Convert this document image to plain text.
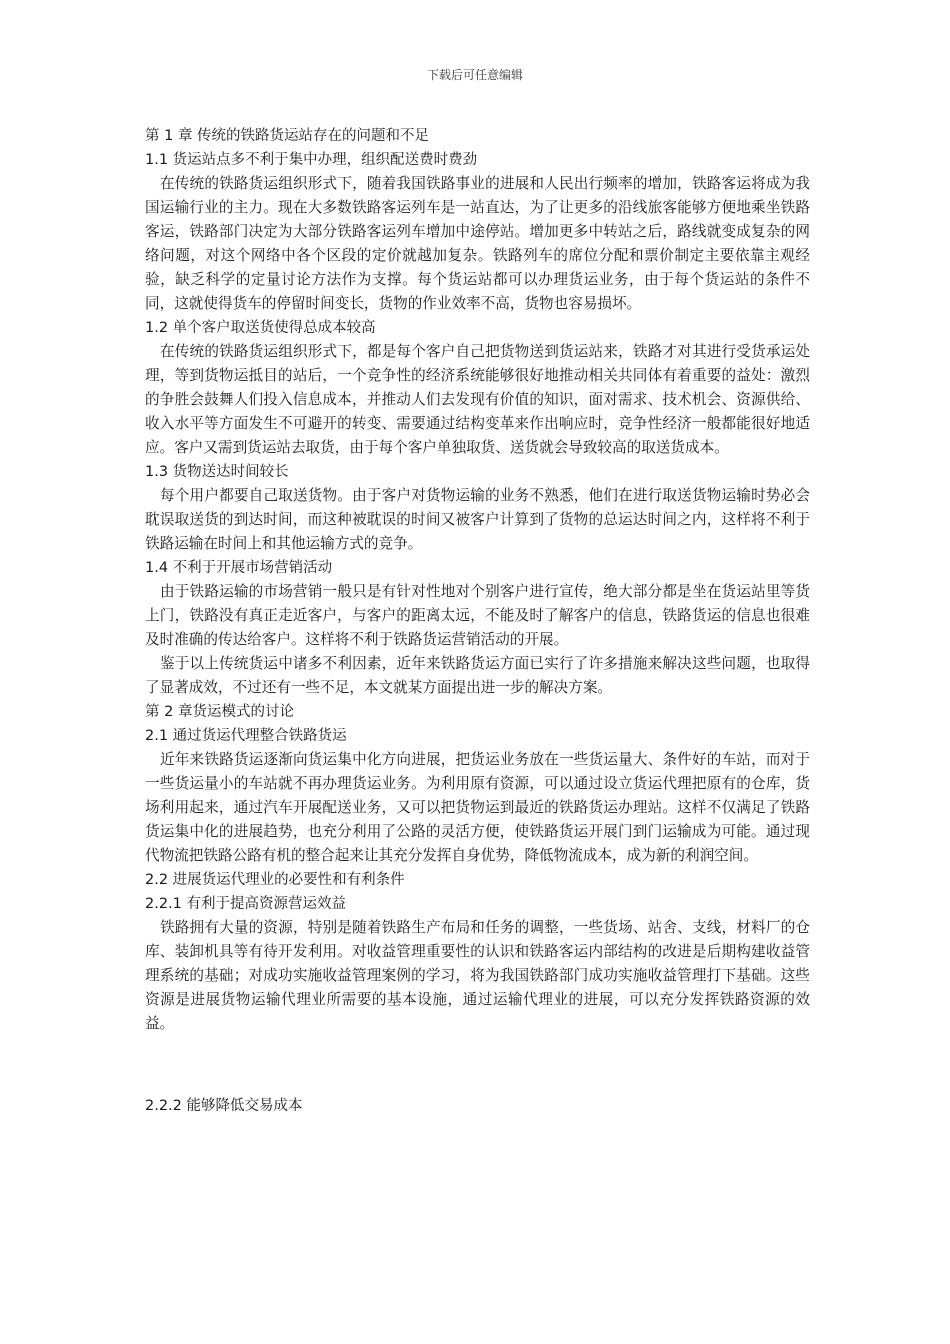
下载后可任意编辑

第 1 章 传统的铁路货运站存在的问题和不足

1.1 货运站点多不利于集中办理，组织配送费时费劲

在传统的铁路货运组织形式下，随着我国铁路事业的进展和人民出行频率的增加，铁路客运将成为我国运输行业的主力。现在大多数铁路客运列车是一站直达，为了让更多的沿线旅客能够方便地乘坐铁路客运，铁路部门决定为大部分铁路客运列车增加中途停站。增加更多中转站之后，路线就变成复杂的网络问题，对这个网络中各个区段的定价就越加复杂。铁路列车的席位分配和票价制定主要依靠主观经验，缺乏科学的定量讨论方法作为支撑。每个货运站都可以办理货运业务，由于每个货运站的条件不同，这就使得货车的停留时间变长，货物的作业效率不高，货物也容易损坏。

1.2 单个客户取送货使得总成本较高

在传统的铁路货运组织形式下，都是每个客户自己把货物送到货运站来，铁路才对其进行受货承运处理，等到货物运抵目的站后，一个竞争性的经济系统能够很好地推动相关共同体有着重要的益处：激烈的争胜会鼓舞人们投入信息成本，并推动人们去发现有价值的知识，面对需求、技术机会、资源供给、收入水平等方面发生不可避开的转变、需要通过结构变革来作出响应时，竞争性经济一般都能很好地适应。客户又需到货运站去取货，由于每个客户单独取货、送货就会导致较高的取送货成本。

1.3 货物送达时间较长

每个用户都要自己取送货物。由于客户对货物运输的业务不熟悉，他们在进行取送货物运输时势必会耽误取送货的到达时间，而这种被耽误的时间又被客户计算到了货物的总运达时间之内，这样将不利于铁路运输在时间上和其他运输方式的竞争。

1.4 不利于开展市场营销活动

由于铁路运输的市场营销一般只是有针对性地对个别客户进行宣传，绝大部分都是坐在货运站里等货上门，铁路没有真正走近客户，与客户的距离太远，不能及时了解客户的信息，铁路货运的信息也很难及时准确的传达给客户。这样将不利于铁路货运营销活动的开展。

鉴于以上传统货运中诸多不利因素，近年来铁路货运方面已实行了许多措施来解决这些问题，也取得了显著成效，不过还有一些不足，本文就某方面提出进一步的解决方案。

第 2 章货运模式的讨论

2.1 通过货运代理整合铁路货运

近年来铁路货运逐渐向货运集中化方向进展，把货运业务放在一些货运量大、条件好的车站，而对于一些货运量小的车站就不再办理货运业务。为利用原有资源，可以通过设立货运代理把原有的仓库，货场利用起来，通过汽车开展配送业务，又可以把货物运到最近的铁路货运办理站。这样不仅满足了铁路货运集中化的进展趋势，也充分利用了公路的灵活方便，使铁路货运开展门到门运输成为可能。通过现代物流把铁路公路有机的整合起来让其充分发挥自身优势，降低物流成本，成为新的利润空间。

2.2 进展货运代理业的必要性和有利条件

2.2.1 有利于提高资源营运效益

铁路拥有大量的资源，特别是随着铁路生产布局和任务的调整，一些货场、站舍、支线，材料厂的仓库、装卸机具等有待开发利用。对收益管理重要性的认识和铁路客运内部结构的改进是后期构建收益管理系统的基础；对成功实施收益管理案例的学习，将为我国铁路部门成功实施收益管理打下基础。这些资源是进展货物运输代理业所需要的基本设施，通过运输代理业的进展，可以充分发挥铁路资源的效益。

2.2.2 能够降低交易成本
